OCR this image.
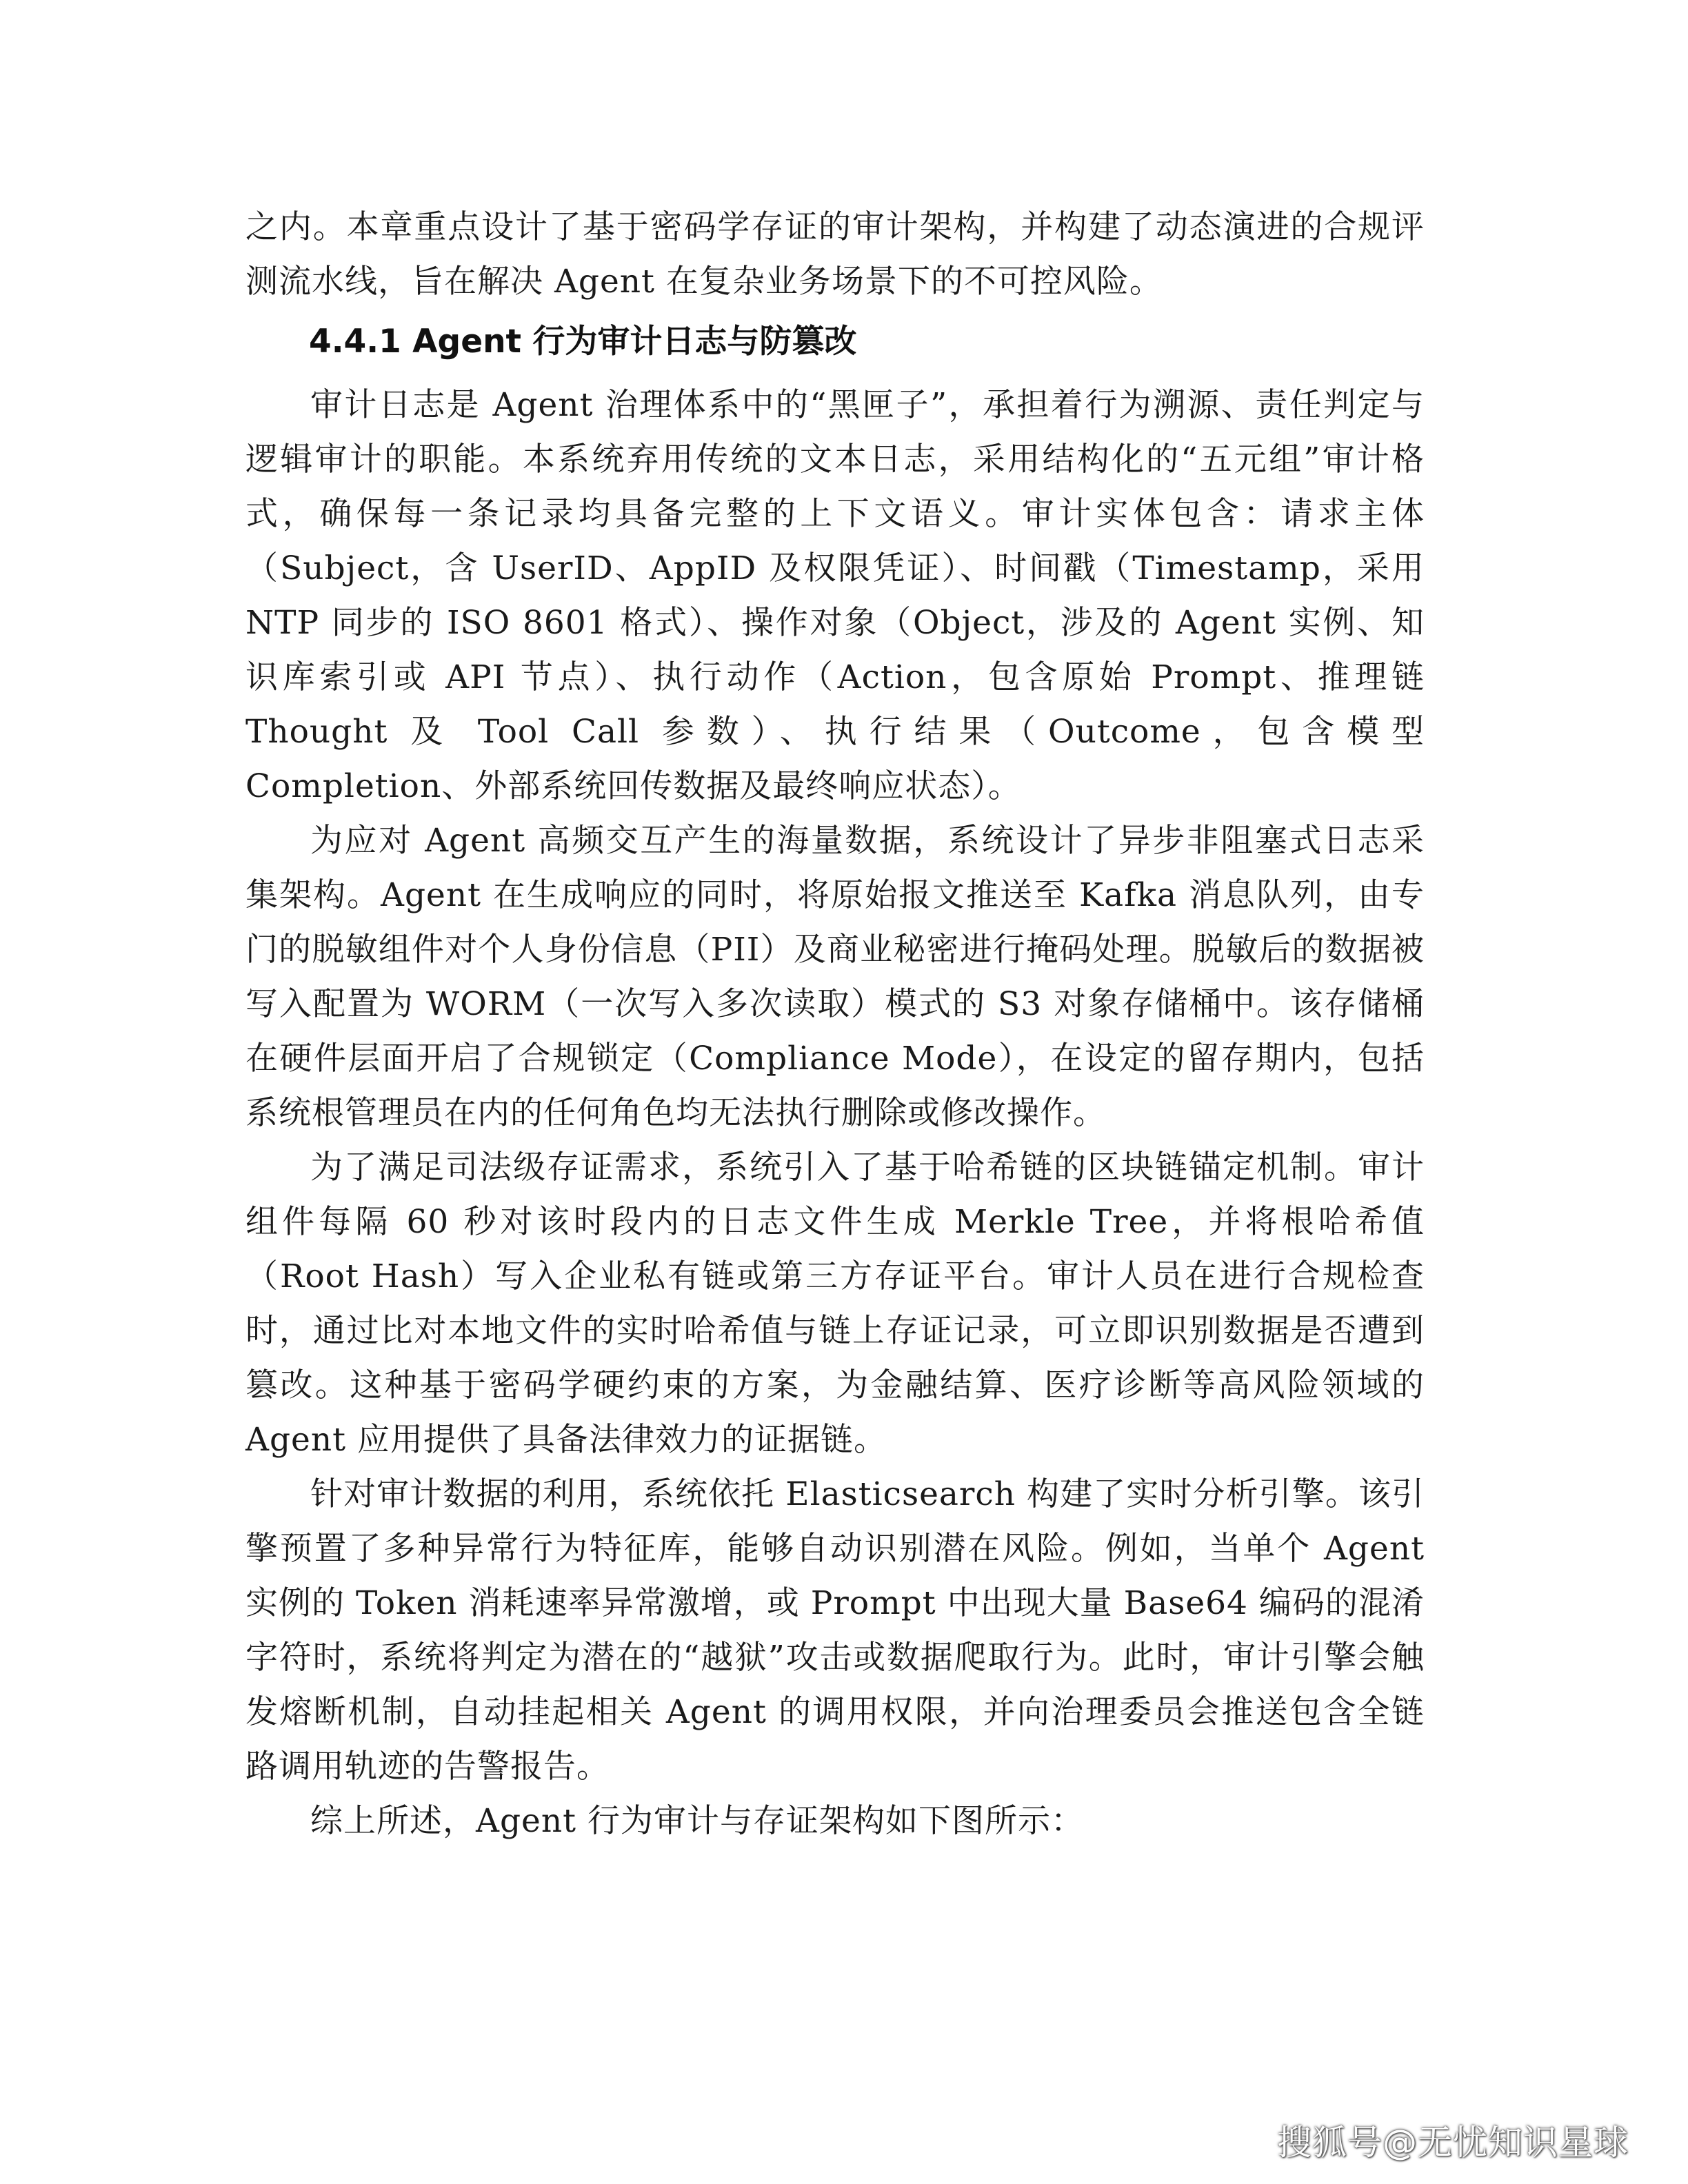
之内。本章重点设计了基于密码学存证的审计架构，并构建了动态演进的合规评测流水线，旨在解决 Agent 在复杂业务场景下的不可控风险。

4.4.1 Agent 行为审计日志与防篡改

审计日志是 Agent 治理体系中的“黑匣子”，承担着行为溯源、责任判定与逻辑审计的职能。本系统弃用传统的文本日志，采用结构化的“五元组”审计格式，确保每一条记录均具备完整的上下文语义。审计实体包含：请求主体（Subject，含 UserID、AppID 及权限凭证）、时间戳（Timestamp，采用 NTP 同步的 ISO 8601 格式）、操作对象（Object，涉及的 Agent 实例、知识库索引或 API 节点）、执行动作（Action，包含原始 Prompt、推理链 Thought 及 Tool Call 参数）、执行结果（Outcome，包含模型 Completion、外部系统回传数据及最终响应状态）。

为应对 Agent 高频交互产生的海量数据，系统设计了异步非阻塞式日志采集架构。Agent 在生成响应的同时，将原始报文推送至 Kafka 消息队列，由专门的脱敏组件对个人身份信息（PII）及商业秘密进行掩码处理。脱敏后的数据被写入配置为 WORM（一次写入多次读取）模式的 S3 对象存储桶中。该存储桶在硬件层面开启了合规锁定（Compliance Mode），在设定的留存期内，包括系统根管理员在内的任何角色均无法执行删除或修改操作。

为了满足司法级存证需求，系统引入了基于哈希链的区块链锚定机制。审计组件每隔 60 秒对该时段内的日志文件生成 Merkle Tree，并将根哈希值（Root Hash）写入企业私有链或第三方存证平台。审计人员在进行合规检查时，通过比对本地文件的实时哈希值与链上存证记录，可立即识别数据是否遭到篡改。这种基于密码学硬约束的方案，为金融结算、医疗诊断等高风险领域的 Agent 应用提供了具备法律效力的证据链。

针对审计数据的利用，系统依托 Elasticsearch 构建了实时分析引擎。该引擎预置了多种异常行为特征库，能够自动识别潜在风险。例如，当单个 Agent 实例的 Token 消耗速率异常激增，或 Prompt 中出现大量 Base64 编码的混淆字符时，系统将判定为潜在的“越狱”攻击或数据爬取行为。此时，审计引擎会触发熔断机制，自动挂起相关 Agent 的调用权限，并向治理委员会推送包含全链路调用轨迹的告警报告。

综上所述，Agent 行为审计与存证架构如下图所示：

搜狐号@无忧知识星球
